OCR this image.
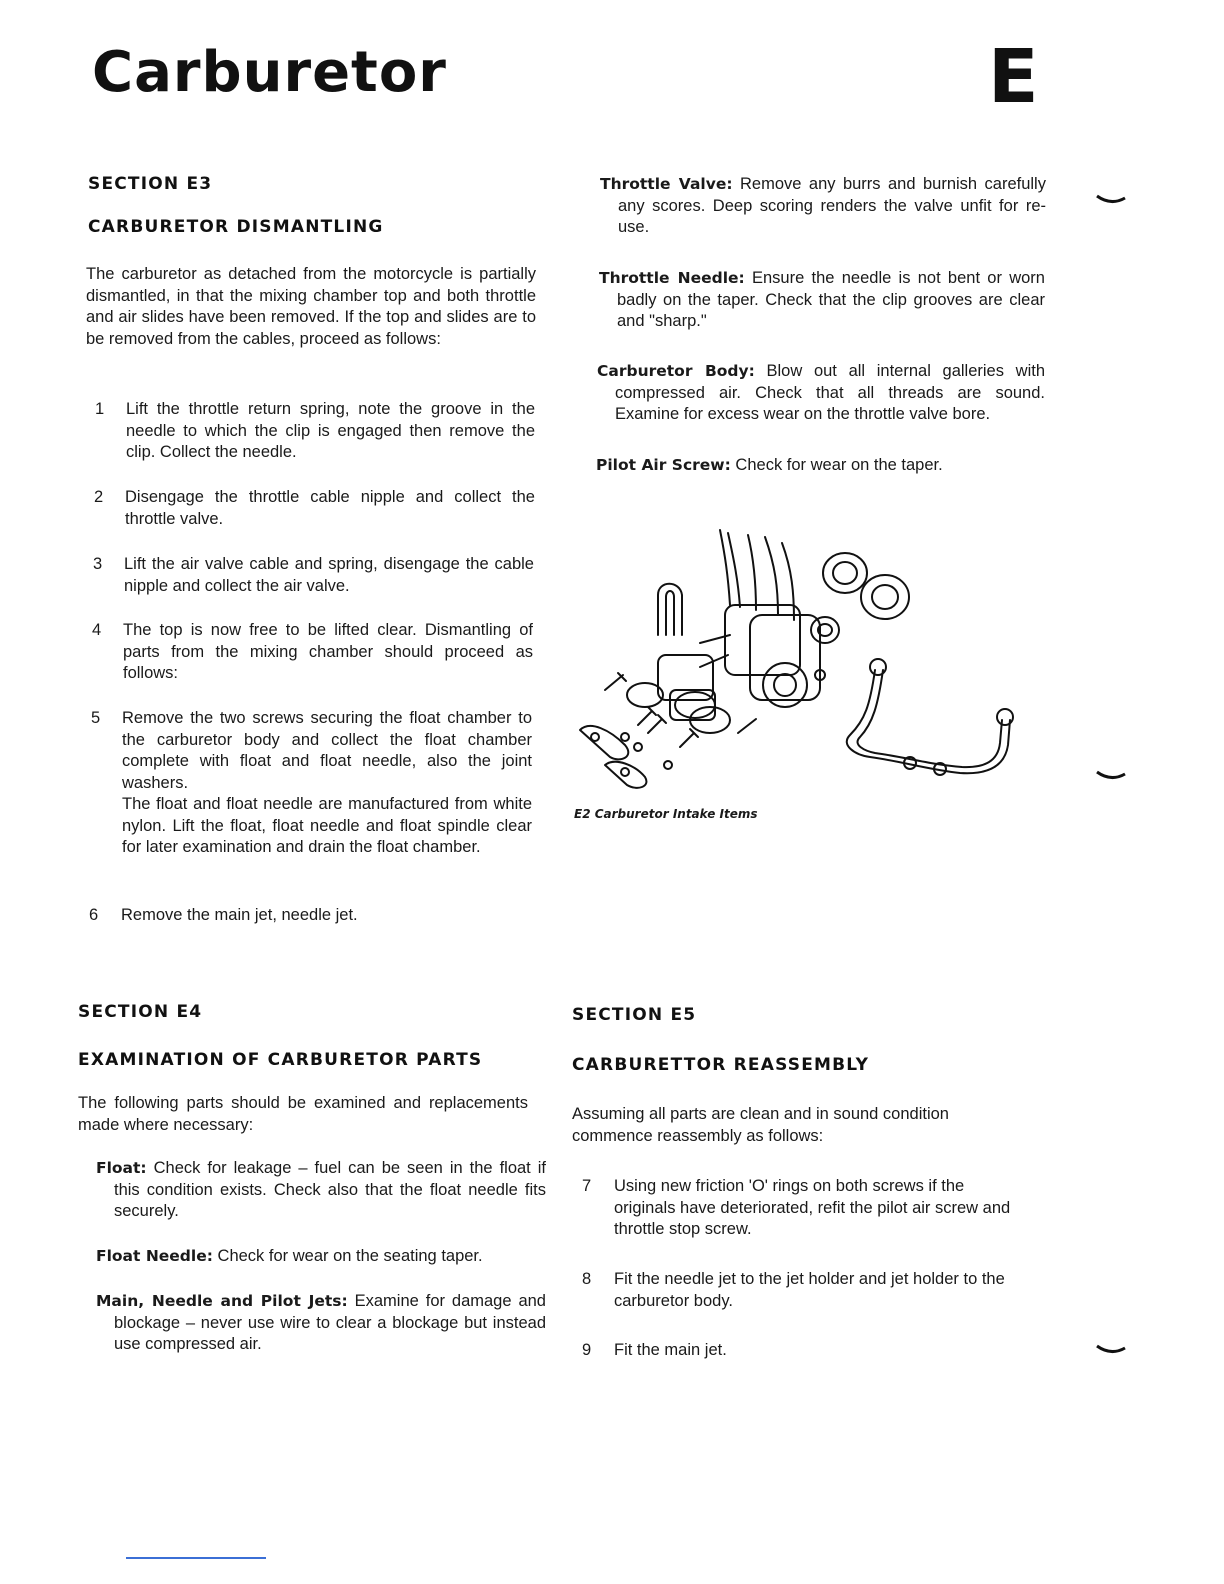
Carburetor	E
SECTION E3
CARBURETOR DISMANTLING

The carburetor as detached from the motorcycle is partially dismantled, in that the mixing chamber top and both throttle and air slides have been removed. If the top and slides are to be removed from the cables, proceed as follows:

1 Lift the throttle return spring, note the groove in the needle to which the clip is engaged then remove the clip. Collect the needle.
2 Disengage the throttle cable nipple and collect the throttle valve.
3 Lift the air valve cable and spring, disengage the cable nipple and collect the air valve.
4 The top is now free to be lifted clear. Dismantling of parts from the mixing chamber should proceed as follows:
5 Remove the two screws securing the float chamber to the carburetor body and collect the float chamber complete with float and float needle, also the joint washers.
The float and float needle are manufactured from white nylon. Lift the float, float needle and float spindle clear for later examination and drain the float chamber.
6 Remove the main jet, needle jet.

Throttle Valve: Remove any burrs and burnish carefully any scores. Deep scoring renders the valve unfit for re-use.

Throttle Needle: Ensure the needle is not bent or worn badly on the taper. Check that the clip grooves are clear and "sharp."

Carburetor Body: Blow out all internal galleries with compressed air. Check that all threads are sound. Examine for excess wear on the throttle valve bore.

Pilot Air Screw: Check for wear on the taper.

E2 Carburetor Intake Items
SECTION E4
EXAMINATION OF CARBURETOR PARTS

The following parts should be examined and replacements made where necessary:

Float: Check for leakage – fuel can be seen in the float if this condition exists. Check also that the float needle fits securely.

Float Needle: Check for wear on the seating taper.

Main, Needle and Pilot Jets: Examine for damage and blockage – never use wire to clear a blockage but instead use compressed air.

SECTION E5
CARBURETTOR REASSEMBLY

Assuming all parts are clean and in sound condition commence reassembly as follows:

7 Using new friction 'O' rings on both screws if the originals have deteriorated, refit the pilot air screw and throttle stop screw.
8 Fit the needle jet to the jet holder and jet holder to the carburetor body.
9 Fit the main jet.
